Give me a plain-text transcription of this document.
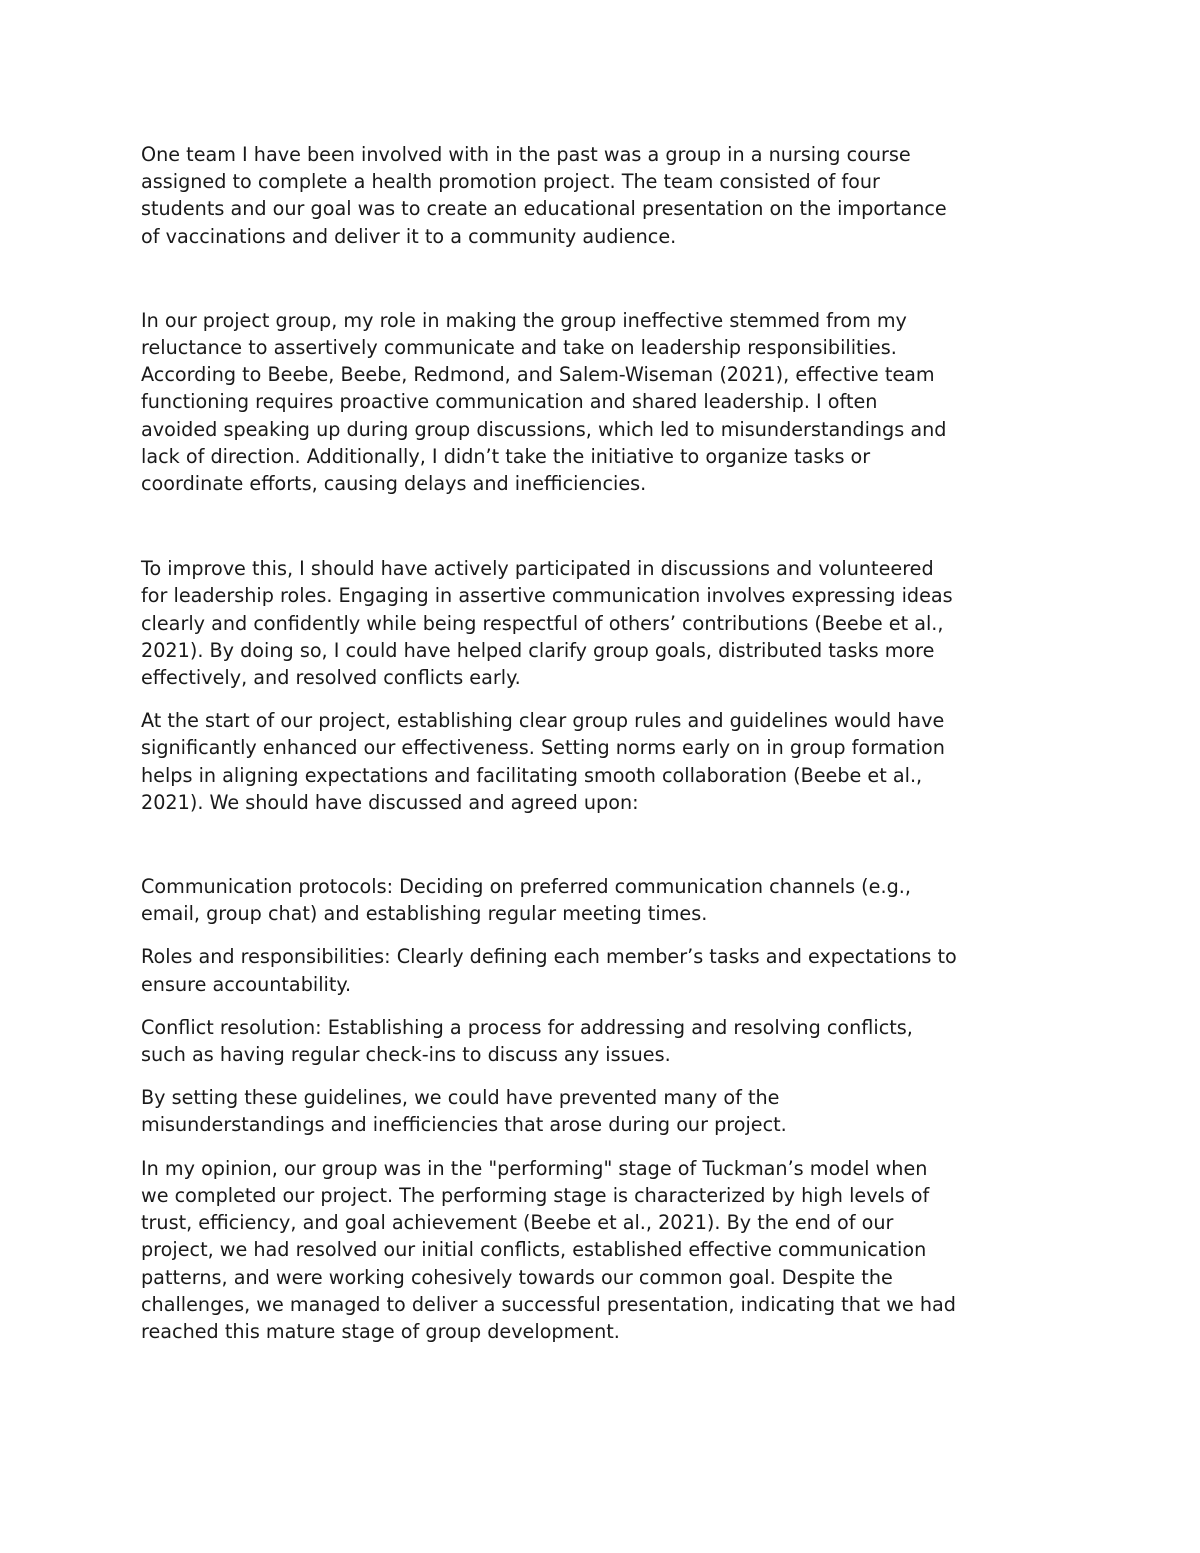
One team I have been involved with in the past was a group in a nursing course
assigned to complete a health promotion project. The team consisted of four
students and our goal was to create an educational presentation on the importance
of vaccinations and deliver it to a community audience.

In our project group, my role in making the group ineffective stemmed from my
reluctance to assertively communicate and take on leadership responsibilities.
According to Beebe, Beebe, Redmond, and Salem-Wiseman (2021), effective team
functioning requires proactive communication and shared leadership. I often
avoided speaking up during group discussions, which led to misunderstandings and
lack of direction. Additionally, I didn’t take the initiative to organize tasks or
coordinate efforts, causing delays and inefficiencies.

To improve this, I should have actively participated in discussions and volunteered
for leadership roles. Engaging in assertive communication involves expressing ideas
clearly and confidently while being respectful of others’ contributions (Beebe et al.,
2021). By doing so, I could have helped clarify group goals, distributed tasks more
effectively, and resolved conflicts early.

At the start of our project, establishing clear group rules and guidelines would have
significantly enhanced our effectiveness. Setting norms early on in group formation
helps in aligning expectations and facilitating smooth collaboration (Beebe et al.,
2021). We should have discussed and agreed upon:

Communication protocols: Deciding on preferred communication channels (e.g.,
email, group chat) and establishing regular meeting times.

Roles and responsibilities: Clearly defining each member’s tasks and expectations to
ensure accountability.

Conflict resolution: Establishing a process for addressing and resolving conflicts,
such as having regular check-ins to discuss any issues.

By setting these guidelines, we could have prevented many of the
misunderstandings and inefficiencies that arose during our project.

In my opinion, our group was in the "performing" stage of Tuckman’s model when
we completed our project. The performing stage is characterized by high levels of
trust, efficiency, and goal achievement (Beebe et al., 2021). By the end of our
project, we had resolved our initial conflicts, established effective communication
patterns, and were working cohesively towards our common goal. Despite the
challenges, we managed to deliver a successful presentation, indicating that we had
reached this mature stage of group development.
